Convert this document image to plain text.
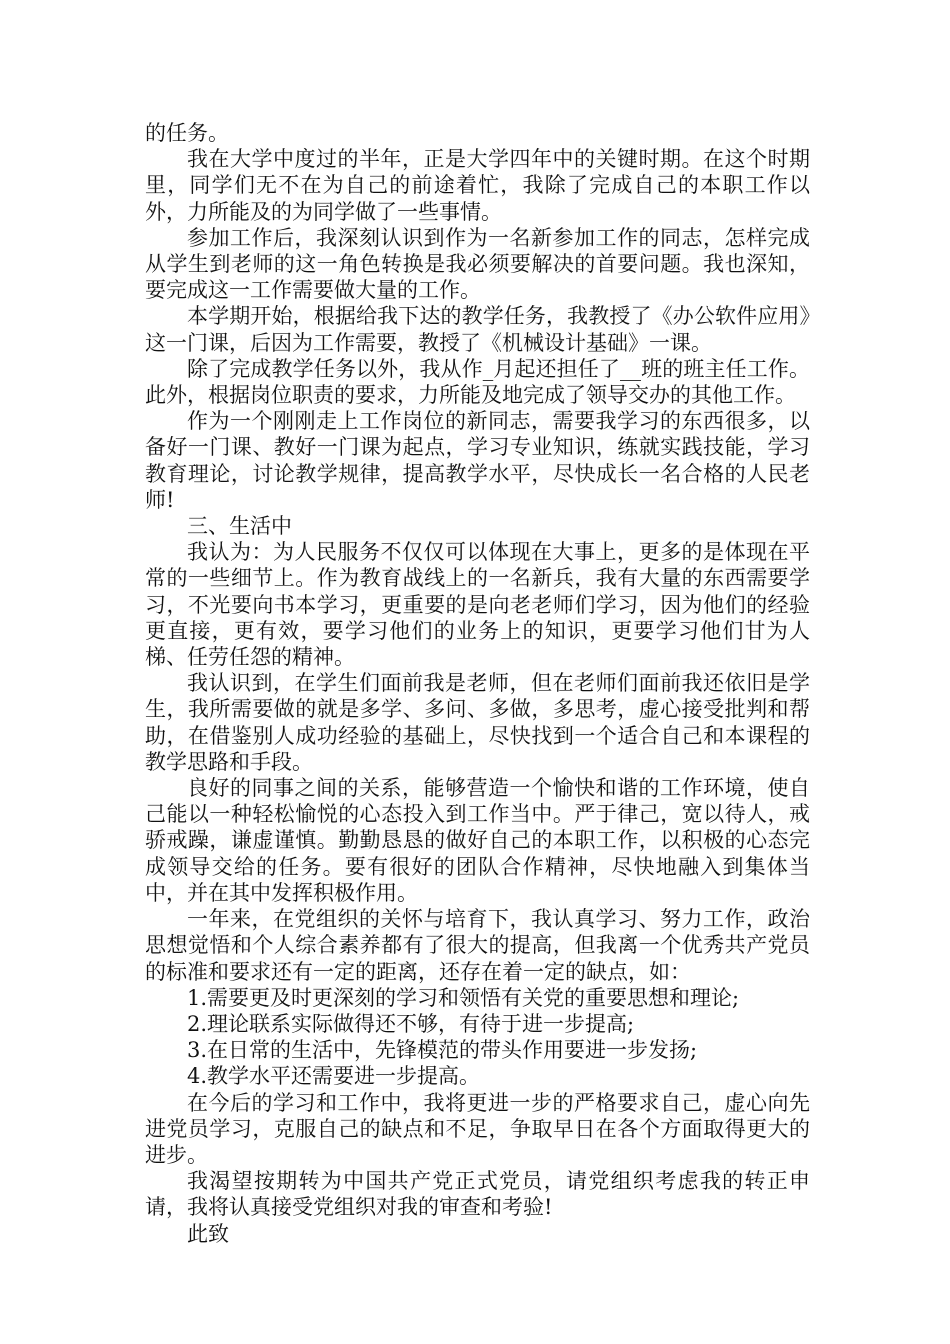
的任务。

我在大学中度过的半年，正是大学四年中的关键时期。在这个时期里，同学们无不在为自己的前途着忙，我除了完成自己的本职工作以外，力所能及的为同学做了一些事情。

参加工作后，我深刻认识到作为一名新参加工作的同志，怎样完成从学生到老师的这一角色转换是我必须要解决的首要问题。我也深知，要完成这一工作需要做大量的工作。

本学期开始，根据给我下达的教学任务，我教授了《办公软件应用》这一门课，后因为工作需要，教授了《机械设计基础》一课。

除了完成教学任务以外，我从作_月起还担任了__班的班主任工作。此外，根据岗位职责的要求，力所能及地完成了领导交办的其他工作。

作为一个刚刚走上工作岗位的新同志，需要我学习的东西很多，以备好一门课、教好一门课为起点，学习专业知识，练就实践技能，学习教育理论，讨论教学规律，提高教学水平，尽快成长一名合格的人民老师!

三、生活中

我认为：为人民服务不仅仅可以体现在大事上，更多的是体现在平常的一些细节上。作为教育战线上的一名新兵，我有大量的东西需要学习，不光要向书本学习，更重要的是向老老师们学习，因为他们的经验更直接，更有效，要学习他们的业务上的知识，更要学习他们甘为人梯、任劳任怨的精神。

我认识到，在学生们面前我是老师，但在老师们面前我还依旧是学生，我所需要做的就是多学、多问、多做，多思考，虚心接受批判和帮助，在借鉴别人成功经验的基础上，尽快找到一个适合自己和本课程的教学思路和手段。

良好的同事之间的关系，能够营造一个愉快和谐的工作环境，使自己能以一种轻松愉悦的心态投入到工作当中。严于律己，宽以待人，戒骄戒躁，谦虚谨慎。勤勤恳恳的做好自己的本职工作，以积极的心态完成领导交给的任务。要有很好的团队合作精神，尽快地融入到集体当中，并在其中发挥积极作用。

一年来，在党组织的关怀与培育下，我认真学习、努力工作，政治思想觉悟和个人综合素养都有了很大的提高，但我离一个优秀共产党员的标准和要求还有一定的距离，还存在着一定的缺点，如：

1.需要更及时更深刻的学习和领悟有关党的重要思想和理论;

2.理论联系实际做得还不够，有待于进一步提高;

3.在日常的生活中，先锋模范的带头作用要进一步发扬;

4.教学水平还需要进一步提高。

在今后的学习和工作中，我将更进一步的严格要求自己，虚心向先进党员学习，克服自己的缺点和不足，争取早日在各个方面取得更大的进步。

我渴望按期转为中国共产党正式党员，请党组织考虑我的转正申请，我将认真接受党组织对我的审查和考验!

此致
